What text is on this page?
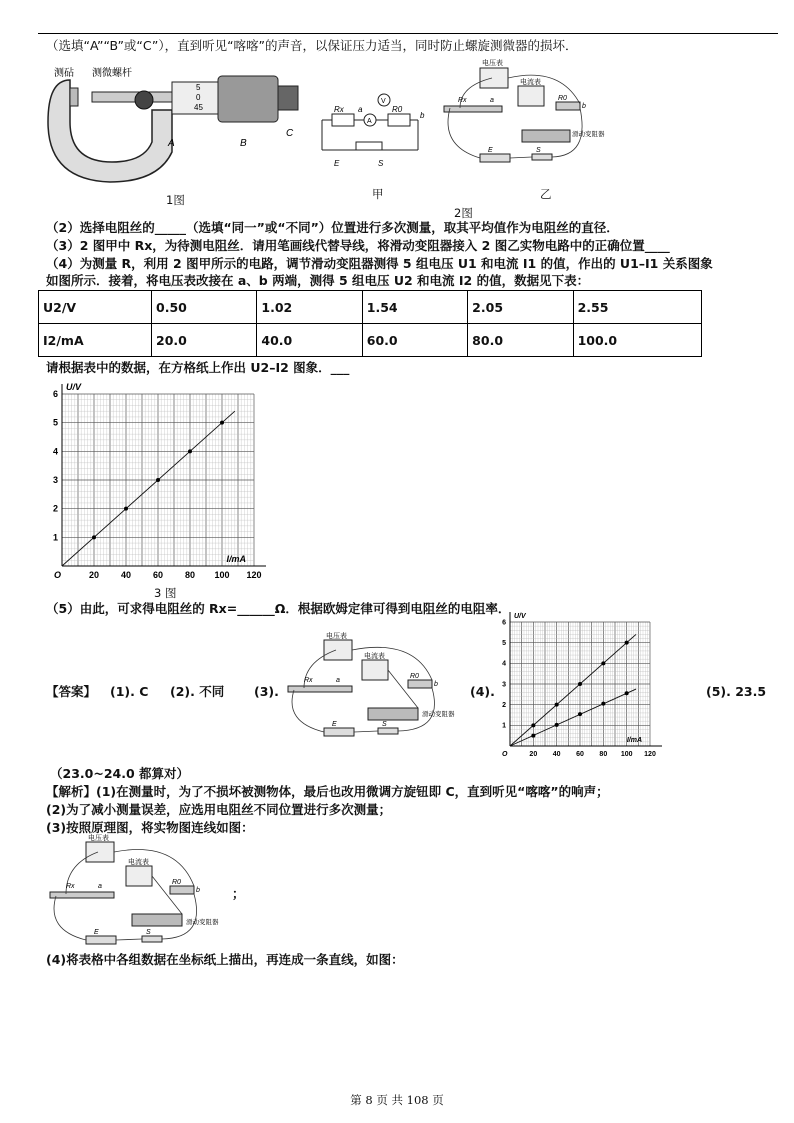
（选填“A”“B”或“C”），直到听见“喀喀”的声音，以保证压力适当，同时防止螺旋测微器的损坏．
测砧 测微螺杆
5
0
45
A	B
C
1图
Rx	R0
a
b
V
A
E	S
甲
电压表
电流表
滑动变阻器
Rx	a
b
R0
E	S
乙
2图
（2）选择电阻丝的_____（选填“同一”或“不同”）位置进行多次测量，取其平均值作为电阻丝的直径．
（3）2 图甲中 Rx，为待测电阻丝．请用笔画线代替导线，将滑动变阻器接入 2 图乙实物电路中的正确位置____
（4）为测量 R，利用 2 图甲所示的电路，调节滑动变阻器测得 5 组电压 U1 和电流 I1 的值，作出的 U1–I1 关系图象
如图所示．接着，将电压表改接在 a、b 两端，测得 5 组电压 U2 和电流 I2 的值，数据见下表：
U2/V	0.50	1.02	1.54	2.05	2.55
I2/mA	20.0	40.0	60.0	80.0	100.0
请根据表中的数据，在方格纸上作出 U2–I2 图象．___
20 40 60 80 100 120
1
2
3
4
5
6
O
I/mA
U/V
3 图
（5）由此，可求得电阻丝的 Rx=______Ω．根据欧姆定律可得到电阻丝的电阻率．
【答案】 (1). C (2). 不同 (3).
电压表
电流表
滑动变阻器
Rx	a
b
R0
E	S
(4).
20 40 60 80 100 120
1
2
3
4
5
6
O
I/mA
U/V
(5). 23.5
（23.0~24.0 都算对）
【解析】(1)在测量时，为了不损坏被测物体，最后也改用微调方旋钮即 C，直到听见“喀喀”的响声；
(2)为了减小测量误差，应选用电阻丝不同位置进行多次测量；
(3)按照原理图，将实物图连线如图：
电压表
电流表
滑动变阻器
Rx	a
b
R0
E	S
；
(4)将表格中各组数据在坐标纸上描出，再连成一条直线，如图：
第 8 页 共 108 页
